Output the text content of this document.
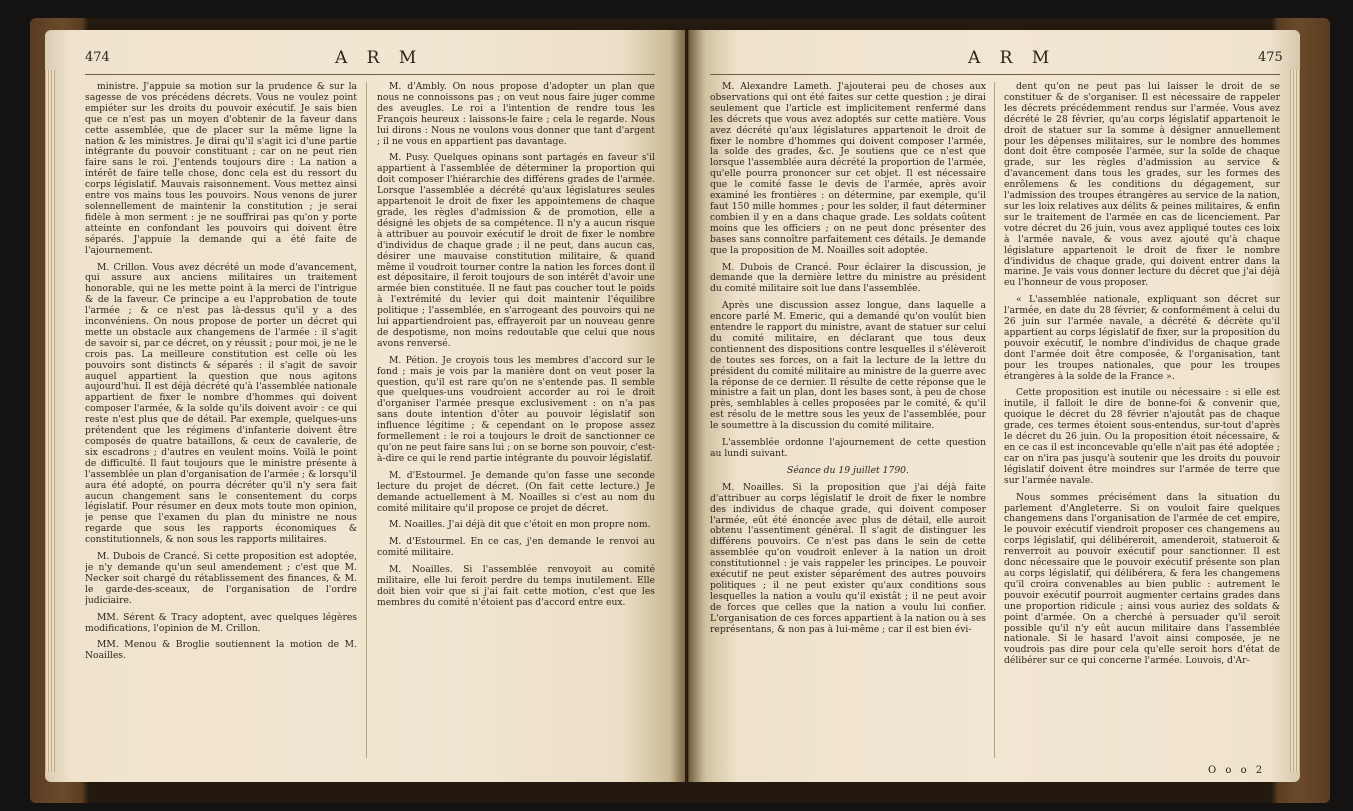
474	A R M

ministre. J'appuie sa motion sur la prudence & sur la sagesse de vos précédens décrets. Vous ne voulez point empiéter sur les droits du pouvoir exécutif. Je sais bien que ce n'est pas un moyen d'obtenir de la faveur dans cette assemblée, que de placer sur la même ligne la nation & les ministres. Je dirai qu'il s'agit ici d'une partie intégrante du pouvoir constituant ; car on ne peut rien faire sans le roi. J'entends toujours dire : La nation a intérêt de faire telle chose, donc cela est du ressort du corps législatif. Mauvais raisonnement. Vous mettez ainsi entre vos mains tous les pouvoirs. Nous venons de jurer solennellement de maintenir la constitution ; je serai fidèle à mon serment : je ne souffrirai pas qu'on y porte atteinte en confondant les pouvoirs qui doivent être séparés. J'appuie la demande qui a été faite de l'ajournement.

M. Crillon. Vous avez décrété un mode d'avancement, qui assure aux anciens militaires un traitement honorable, qui ne les mette point à la merci de l'intrigue & de la faveur. Ce principe a eu l'approbation de toute l'armée ; & ce n'est pas là-dessus qu'il y a des inconvéniens. On nous propose de porter un décret qui mette un obstacle aux changemens de l'armée : il s'agit de savoir si, par ce décret, on y réussit ; pour moi, je ne le crois pas. La meilleure constitution est celle où les pouvoirs sont distincts & séparés : il s'agit de savoir auquel appartient la question que nous agitons aujourd'hui. Il est déjà décrété qu'à l'assemblée nationale appartient de fixer le nombre d'hommes qui doivent composer l'armée, & la solde qu'ils doivent avoir : ce qui reste n'est plus que de détail. Par exemple, quelques-uns prétendent que les régimens d'infanterie doivent être composés de quatre bataillons, & ceux de cavalerie, de six escadrons ; d'autres en veulent moins. Voilà le point de difficulté. Il faut toujours que le ministre présente à l'assemblée un plan d'organisation de l'armée ; & lorsqu'il aura été adopté, on pourra décréter qu'il n'y sera fait aucun changement sans le consentement du corps législatif. Pour résumer en deux mots toute mon opinion, je pense que l'examen du plan du ministre ne nous regarde que sous les rapports économiques & constitutionnels, & non sous les rapports militaires.

M. Dubois de Crancé. Si cette proposition est adoptée, je n'y demande qu'un seul amendement ; c'est que M. Necker soit chargé du rétablissement des finances, & M. le garde-des-sceaux, de l'organisation de l'ordre judiciaire.

MM. Sérent & Tracy adoptent, avec quelques légères modifications, l'opinion de M. Crillon.

MM. Menou & Broglie soutiennent la motion de M. Noailles.

M. d'Ambly. On nous propose d'adopter un plan que nous ne connoissons pas ; on veut nous faire juger comme des aveugles. Le roi a l'intention de rendre tous les François heureux : laissons-le faire ; cela le regarde. Nous lui dirons : Nous ne voulons vous donner que tant d'argent ; il ne vous en appartient pas davantage.

M. Pusy. Quelques opinans sont partagés en faveur s'il appartient à l'assemblée de déterminer la proportion qui doit composer l'hiérarchie des différens grades de l'armée. Lorsque l'assemblée a décrété qu'aux législatures seules appartenoit le droit de fixer les appointemens de chaque grade, les règles d'admission & de promotion, elle a désigné les objets de sa compétence. Il n'y a aucun risque à attribuer au pouvoir exécutif le droit de fixer le nombre d'individus de chaque grade ; il ne peut, dans aucun cas, désirer une mauvaise constitution militaire, & quand même il voudroit tourner contre la nation les forces dont il est dépositaire, il feroit toujours de son intérêt d'avoir une armée bien constituée. Il ne faut pas coucher tout le poids à l'extrémité du levier qui doit maintenir l'équilibre politique ; l'assemblée, en s'arrogeant des pouvoirs qui ne lui appartiendroient pas, effrayeroit par un nouveau genre de despotisme, non moins redoutable que celui que nous avons renversé.

M. Pétion. Je croyois tous les membres d'accord sur le fond ; mais je vois par la manière dont on veut poser la question, qu'il est rare qu'on ne s'entende pas. Il semble que quelques-uns voudroient accorder au roi le droit d'organiser l'armée presque exclusivement : on n'a pas sans doute intention d'ôter au pouvoir législatif son influence légitime ; & cependant on le propose assez formellement : le roi a toujours le droit de sanctionner ce qu'on ne peut faire sans lui ; on se borne son pouvoir, c'est-à-dire ce qui le rend partie intégrante du pouvoir législatif.

M. d'Estourmel. Je demande qu'on fasse une seconde lecture du projet de décret. (On fait cette lecture.) Je demande actuellement à M. Noailles si c'est au nom du comité militaire qu'il propose ce projet de décret.

M. Noailles. J'ai déjà dit que c'étoit en mon propre nom.

M. d'Estourmel. En ce cas, j'en demande le renvoi au comité militaire.

M. Noailles. Si l'assemblée renvoyoit au comité militaire, elle lui feroit perdre du temps inutilement. Elle doit bien voir que si j'ai fait cette motion, c'est que les membres du comité n'étoient pas d'accord entre eux.

A R M	475

M. Alexandre Lameth. J'ajouterai peu de choses aux observations qui ont été faites sur cette question ; je dirai seulement que l'article est implicitement renfermé dans les décrets que vous avez adoptés sur cette matière. Vous avez décrété qu'aux législatures appartenoit le droit de fixer le nombre d'hommes qui doivent composer l'armée, la solde des grades, &c. Je soutiens que ce n'est que lorsque l'assemblée aura décrété la proportion de l'armée, qu'elle pourra prononcer sur cet objet. Il est nécessaire que le comité fasse le devis de l'armée, après avoir examiné les frontières : on détermine, par exemple, qu'il faut 150 mille hommes ; pour les solder, il faut déterminer combien il y en a dans chaque grade. Les soldats coûtent moins que les officiers ; on ne peut donc présenter des bases sans connoître parfaitement ces détails. Je demande que la proposition de M. Noailles soit adoptée.

M. Dubois de Crancé. Pour éclairer la discussion, je demande que la dernière lettre du ministre au président du comité militaire soit lue dans l'assemblée.

Après une discussion assez longue, dans laquelle a encore parlé M. Emeric, qui a demandé qu'on voulût bien entendre le rapport du ministre, avant de statuer sur celui du comité militaire, en déclarant que tous deux contiennent des dispositions contre lesquelles il s'élèveroit de toutes ses forces, on a fait la lecture de la lettre du président du comité militaire au ministre de la guerre avec la réponse de ce dernier. Il résulte de cette réponse que le ministre a fait un plan, dont les bases sont, à peu de chose près, semblables à celles proposées par le comité, & qu'il est résolu de le mettre sous les yeux de l'assemblée, pour le soumettre à la discussion du comité militaire.

L'assemblée ordonne l'ajournement de cette question au lundi suivant.

Séance du 19 juillet 1790.

M. Noailles. Si la proposition que j'ai déjà faite d'attribuer au corps législatif le droit de fixer le nombre des individus de chaque grade, qui doivent composer l'armée, eût été énoncée avec plus de détail, elle auroit obtenu l'assentiment général. Il s'agit de distinguer les différens pouvoirs. Ce n'est pas dans le sein de cette assemblée qu'on voudroit enlever à la nation un droit constitutionnel : je vais rappeler les principes. Le pouvoir exécutif ne peut exister séparément des autres pouvoirs politiques ; il ne peut exister qu'aux conditions sous lesquelles la nation a voulu qu'il existât ; il ne peut avoir de forces que celles que la nation a voulu lui confier. L'organisation de ces forces appartient à la nation ou à ses représentans, & non pas à lui-même ; car il est bien évi-

dent qu'on ne peut pas lui laisser le droit de se constituer & de s'organiser. Il est nécessaire de rappeler les décrets précédemment rendus sur l'armée. Vous avez décrété le 28 février, qu'au corps législatif appartenoit le droit de statuer sur la somme à désigner annuellement pour les dépenses militaires, sur le nombre des hommes dont doit être composée l'armée, sur la solde de chaque grade, sur les règles d'admission au service & d'avancement dans tous les grades, sur les formes des enrôlemens & les conditions du dégagement, sur l'admission des troupes étrangères au service de la nation, sur les loix relatives aux délits & peines militaires, & enfin sur le traitement de l'armée en cas de licenciement. Par votre décret du 26 juin, vous avez appliqué toutes ces loix à l'armée navale, & vous avez ajouté qu'à chaque législature appartenoit le droit de fixer le nombre d'individus de chaque grade, qui doivent entrer dans la marine. Je vais vous donner lecture du décret que j'ai déjà eu l'honneur de vous proposer.

« L'assemblée nationale, expliquant son décret sur l'armée, en date du 28 février, & conformément à celui du 26 juin sur l'armée navale, a décrété & décrète qu'il appartient au corps législatif de fixer, sur la proposition du pouvoir exécutif, le nombre d'individus de chaque grade dont l'armée doit être composée, & l'organisation, tant pour les troupes nationales, que pour les troupes étrangères à la solde de la France ».

Cette proposition est inutile ou nécessaire : si elle est inutile, il falloit le dire de bonne-foi & convenir que, quoique le décret du 28 février n'ajoutât pas de chaque grade, ces termes étoient sous-entendus, sur-tout d'après le décret du 26 juin. Ou la proposition étoit nécessaire, & en ce cas il est inconcevable qu'elle n'ait pas été adoptée ; car on n'ira pas jusqu'à soutenir que les droits du pouvoir législatif doivent être moindres sur l'armée de terre que sur l'armée navale.

Nous sommes précisément dans la situation du parlement d'Angleterre. Si on vouloit faire quelques changemens dans l'organisation de l'armée de cet empire, le pouvoir exécutif viendroit proposer ces changemens au corps législatif, qui délibéreroit, amenderoit, statueroit & renverroit au pouvoir exécutif pour sanctionner. Il est donc nécessaire que le pouvoir exécutif présente son plan au corps législatif, qui délibérera, & fera les changemens qu'il croira convenables au bien public : autrement le pouvoir exécutif pourroit augmenter certains grades dans une proportion ridicule ; ainsi vous auriez des soldats & point d'armée. On a cherché à persuader qu'il seroit possible qu'il n'y eût aucun militaire dans l'assemblée nationale. Si le hasard l'avoit ainsi composée, je ne voudrois pas dire pour cela qu'elle seroit hors d'état de délibérer sur ce qui concerne l'armée. Louvois, d'Ar-

O o o 2
